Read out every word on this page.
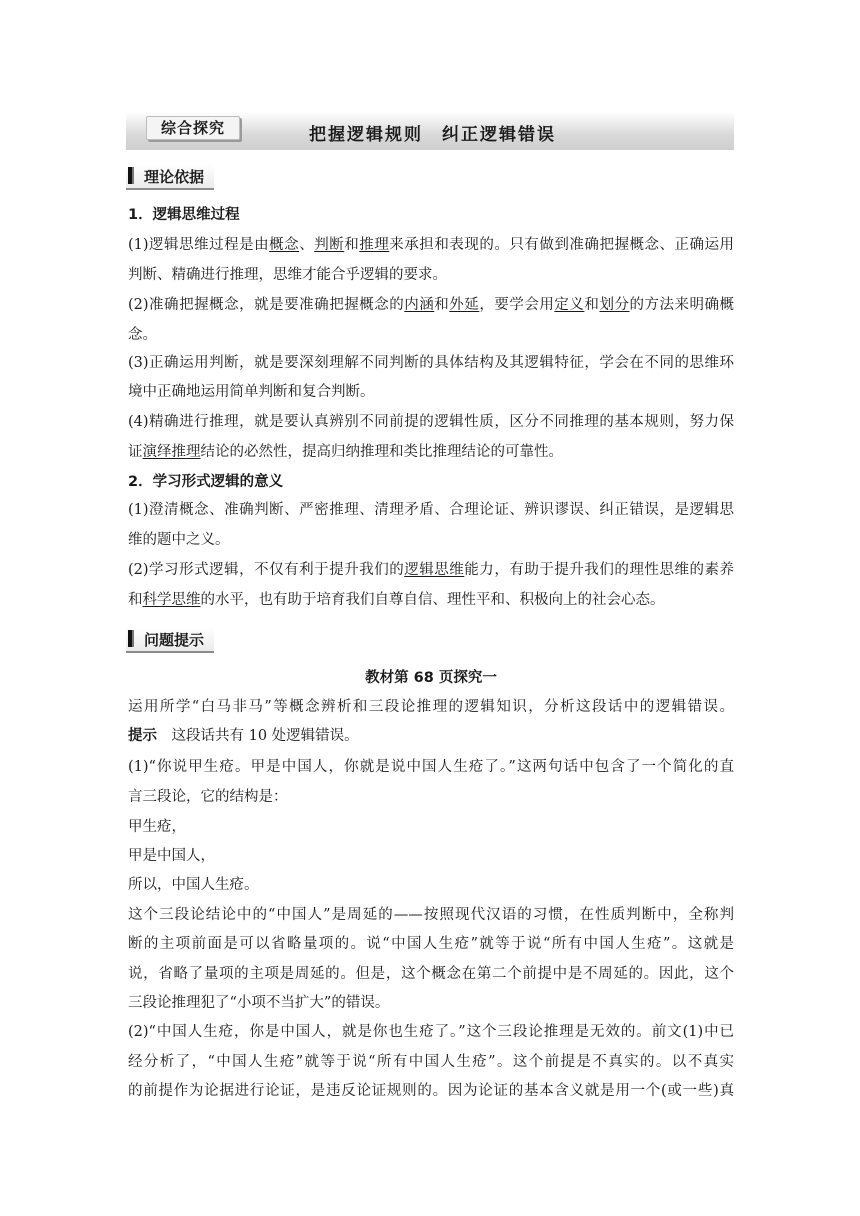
综合探究	把握逻辑规则　纠正逻辑错误
理论依据
1．逻辑思维过程
(1)逻辑思维过程是由概念、判断和推理来承担和表现的。只有做到准确把握概念、正确运用
判断、精确进行推理，思维才能合乎逻辑的要求。
(2)准确把握概念，就是要准确把握概念的内涵和外延，要学会用定义和划分的方法来明确概
念。
(3)正确运用判断，就是要深刻理解不同判断的具体结构及其逻辑特征，学会在不同的思维环
境中正确地运用简单判断和复合判断。
(4)精确进行推理，就是要认真辨别不同前提的逻辑性质，区分不同推理的基本规则，努力保
证演绎推理结论的必然性，提高归纳推理和类比推理结论的可靠性。
2．学习形式逻辑的意义
(1)澄清概念、准确判断、严密推理、清理矛盾、合理论证、辨识谬误、纠正错误，是逻辑思
维的题中之义。
(2)学习形式逻辑，不仅有利于提升我们的逻辑思维能力，有助于提升我们的理性思维的素养
和科学思维的水平，也有助于培育我们自尊自信、理性平和、积极向上的社会心态。
问题提示
教材第 68 页探究一
运用所学“白马非马”等概念辨析和三段论推理的逻辑知识，分析这段话中的逻辑错误。
提示　这段话共有 10 处逻辑错误。
(1)“你说甲生疮。甲是中国人，你就是说中国人生疮了。”这两句话中包含了一个简化的直
言三段论，它的结构是：
甲生疮，
甲是中国人，
所以，中国人生疮。
这个三段论结论中的“中国人”是周延的——按照现代汉语的习惯，在性质判断中，全称判
断的主项前面是可以省略量项的。说“中国人生疮”就等于说“所有中国人生疮”。这就是
说，省略了量项的主项是周延的。但是，这个概念在第二个前提中是不周延的。因此，这个
三段论推理犯了“小项不当扩大”的错误。
(2)“中国人生疮，你是中国人，就是你也生疮了。”这个三段论推理是无效的。前文(1)中已
经分析了，“中国人生疮”就等于说“所有中国人生疮”。这个前提是不真实的。以不真实
的前提作为论据进行论证，是违反论证规则的。因为论证的基本含义就是用一个(或一些)真
